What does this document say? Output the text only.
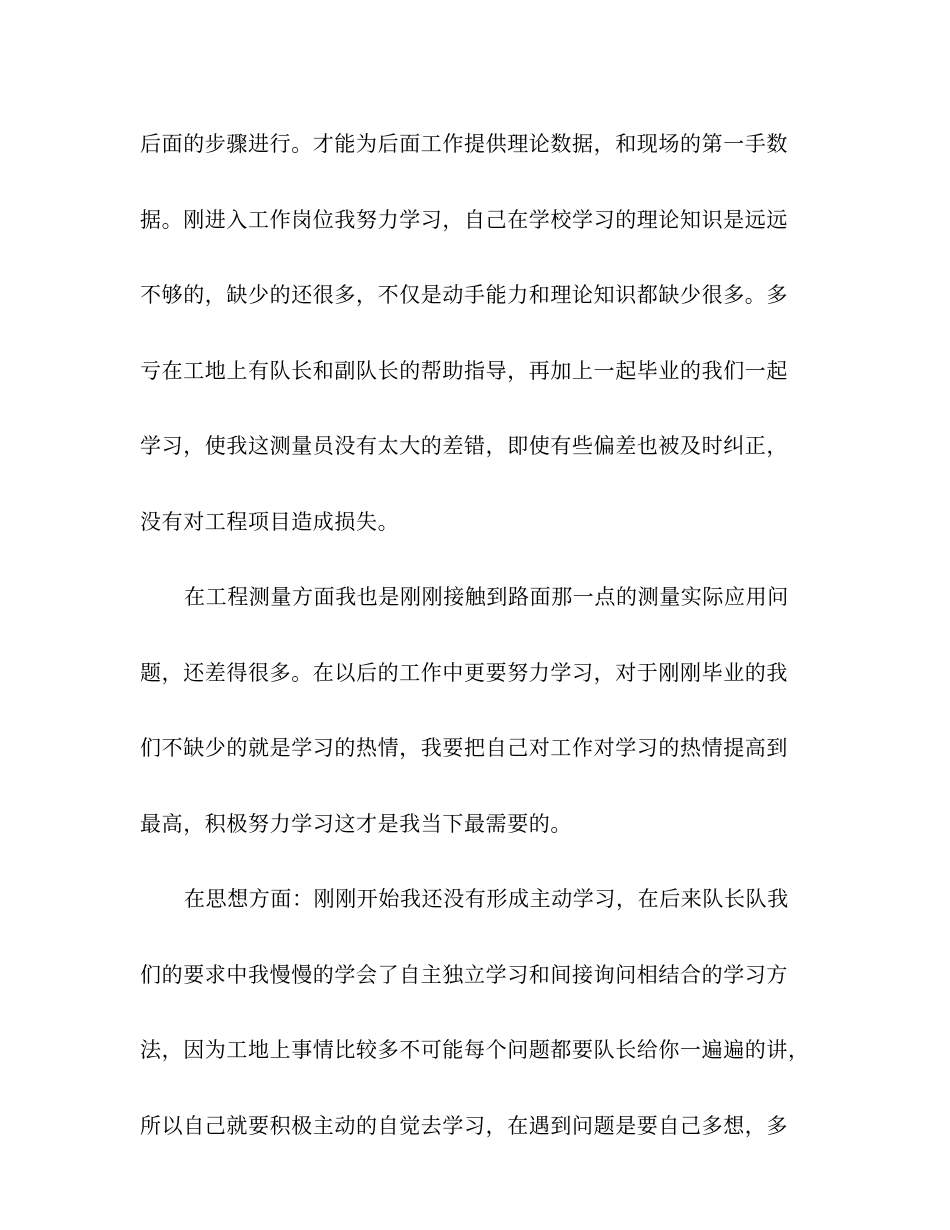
后面的步骤进行。才能为后面工作提供理论数据，和现场的第一手数
据。刚进入工作岗位我努力学习，自己在学校学习的理论知识是远远
不够的，缺少的还很多，不仅是动手能力和理论知识都缺少很多。多
亏在工地上有队长和副队长的帮助指导，再加上一起毕业的我们一起
学习，使我这测量员没有太大的差错，即使有些偏差也被及时纠正，
没有对工程项目造成损失。
在工程测量方面我也是刚刚接触到路面那一点的测量实际应用问
题，还差得很多。在以后的工作中更要努力学习，对于刚刚毕业的我
们不缺少的就是学习的热情，我要把自己对工作对学习的热情提高到
最高，积极努力学习这才是我当下最需要的。
在思想方面：刚刚开始我还没有形成主动学习，在后来队长队我
们的要求中我慢慢的学会了自主独立学习和间接询问相结合的学习方
法，因为工地上事情比较多不可能每个问题都要队长给你一遍遍的讲，
所以自己就要积极主动的自觉去学习，在遇到问题是要自己多想，多
